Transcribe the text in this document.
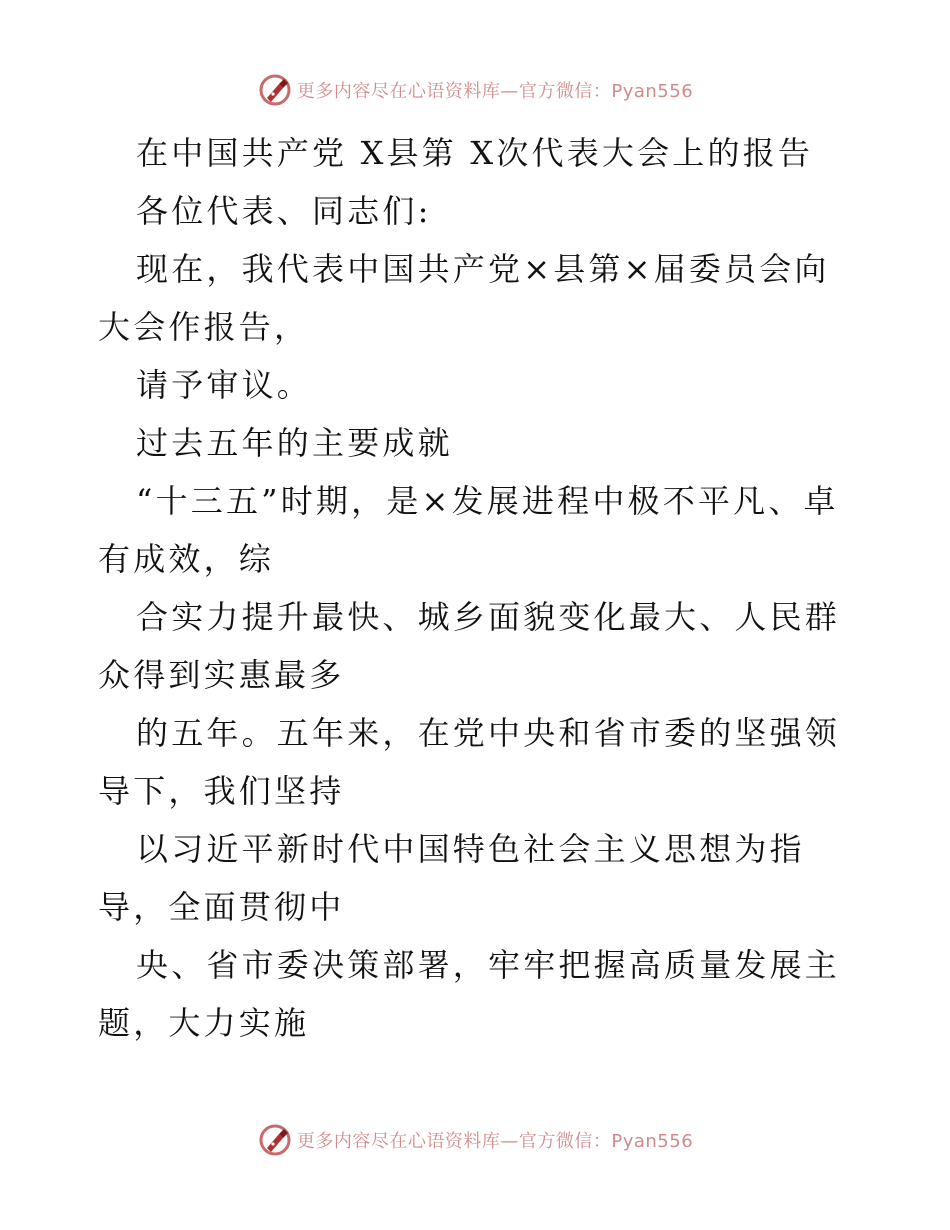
更多内容尽在心语资料库—官方微信：Pyan556

在中国共产党 X县第 X次代表大会上的报告

各位代表、同志们:

现在，我代表中国共产党×县第×届委员会向大会作报告，

请予审议。

过去五年的主要成就

“十三五”时期，是×发展进程中极不平凡、卓有成效，综

合实力提升最快、城乡面貌变化最大、人民群众得到实惠最多

的五年。五年来，在党中央和省市委的坚强领导下，我们坚持

以习近平新时代中国特色社会主义思想为指导，全面贯彻中

央、省市委决策部署，牢牢把握高质量发展主题，大力实施

更多内容尽在心语资料库—官方微信：Pyan556
